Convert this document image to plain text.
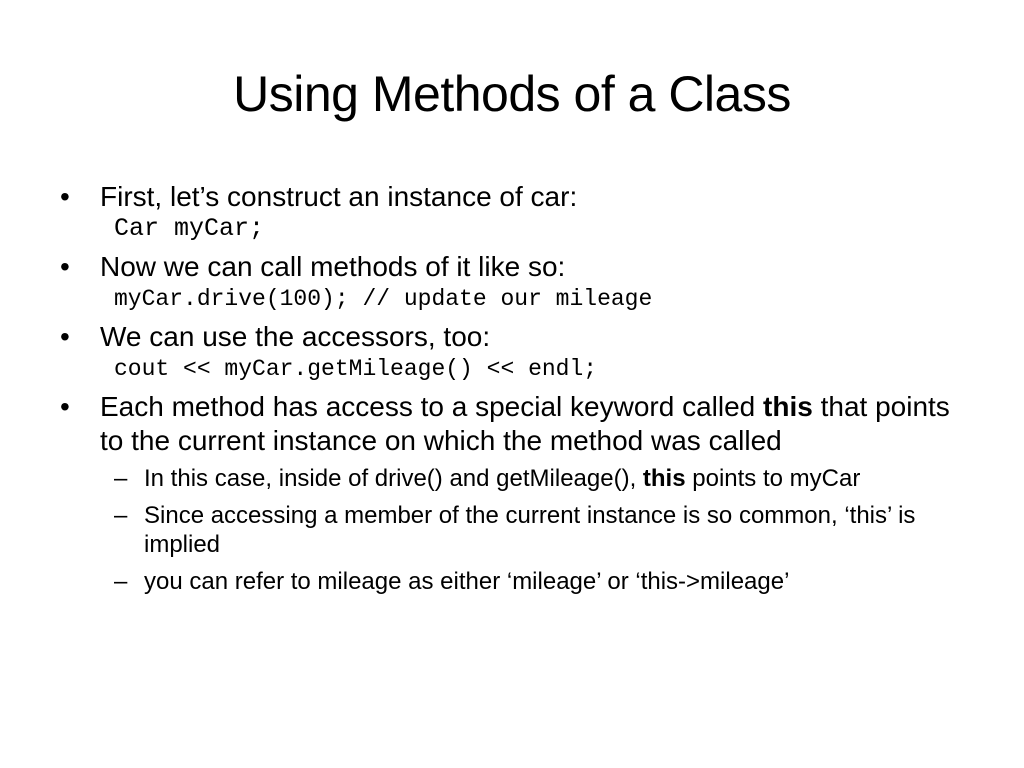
Using Methods of a Class
• First, let’s construct an instance of car:
Car myCar;
• Now we can call methods of it like so:
myCar.drive(100); // update our mileage
• We can use the accessors, too:
cout << myCar.getMileage() << endl;
• Each method has access to a special keyword called this that points to the current instance on which the method was called
– In this case, inside of drive() and getMileage(), this points to myCar
– Since accessing a member of the current instance is so common, ‘this’ is implied
– you can refer to mileage as either ‘mileage’ or ‘this->mileage’
